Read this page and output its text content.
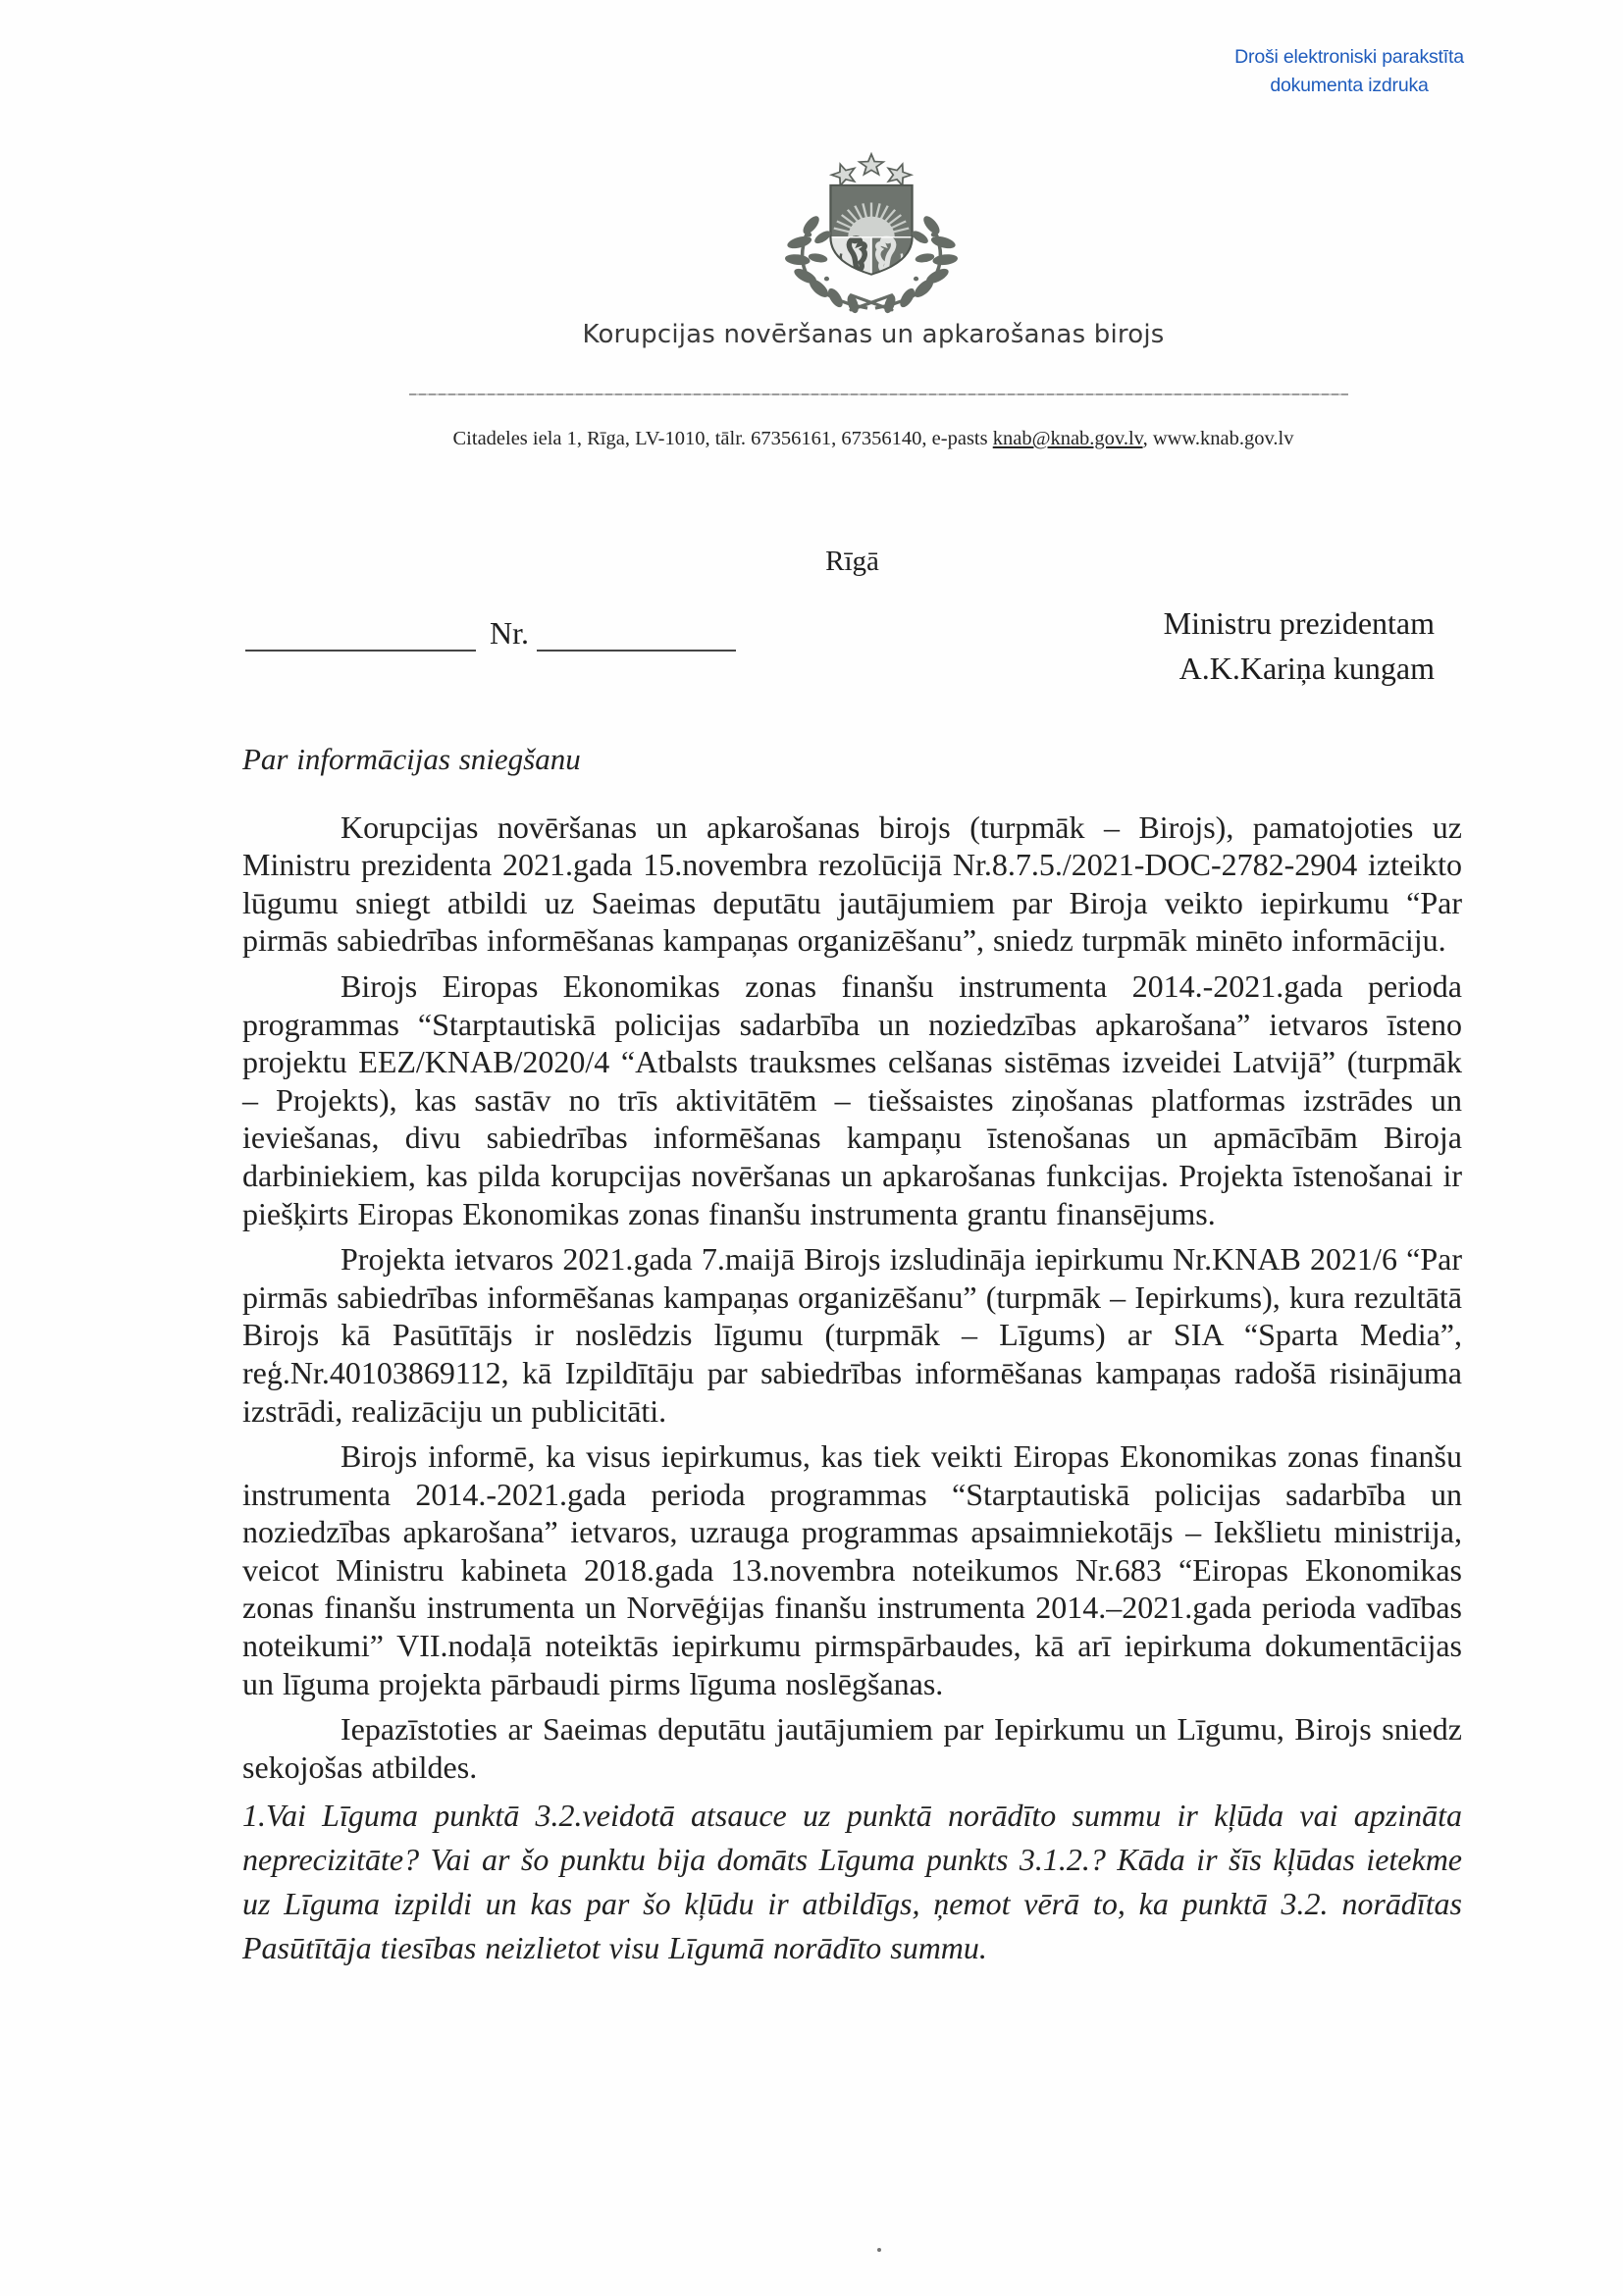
Droši elektroniski parakstīta
dokumenta izdruka
Korupcijas novēršanas un apkarošanas birojs
Citadeles iela 1, Rīga, LV-1010, tālr. 67356161, 67356140, e-pasts knab@knab.gov.lv, www.knab.gov.lv
Rīgā
Nr.	Ministru prezidentam
A.K.Kariņa kungam

Par informācijas sniegšanu

Korupcijas novēršanas un apkarošanas birojs (turpmāk – Birojs), pamatojoties uz Ministru prezidenta 2021.gada 15.novembra rezolūcijā Nr.8.7.5./2021-DOC-2782-2904 izteikto lūgumu sniegt atbildi uz Saeimas deputātu jautājumiem par Biroja veikto iepirkumu “Par pirmās sabiedrības informēšanas kampaņas organizēšanu”, sniedz turpmāk minēto informāciju.

Birojs Eiropas Ekonomikas zonas finanšu instrumenta 2014.-2021.gada perioda programmas “Starptautiskā policijas sadarbība un noziedzības apkarošana” ietvaros īsteno projektu EEZ/KNAB/2020/4 “Atbalsts trauksmes celšanas sistēmas izveidei Latvijā” (turpmāk – Projekts), kas sastāv no trīs aktivitātēm – tiešsaistes ziņošanas platformas izstrādes un ieviešanas, divu sabiedrības informēšanas kampaņu īstenošanas un apmācībām Biroja darbiniekiem, kas pilda korupcijas novēršanas un apkarošanas funkcijas. Projekta īstenošanai ir piešķirts Eiropas Ekonomikas zonas finanšu instrumenta grantu finansējums.

Projekta ietvaros 2021.gada 7.maijā Birojs izsludināja iepirkumu Nr.KNAB 2021/6 “Par pirmās sabiedrības informēšanas kampaņas organizēšanu” (turpmāk – Iepirkums), kura rezultātā Birojs kā Pasūtītājs ir noslēdzis līgumu (turpmāk – Līgums) ar SIA “Sparta Media”, reģ.Nr.40103869112, kā Izpildītāju par sabiedrības informēšanas kampaņas radošā risinājuma izstrādi, realizāciju un publicitāti.

Birojs informē, ka visus iepirkumus, kas tiek veikti Eiropas Ekonomikas zonas finanšu instrumenta 2014.-2021.gada perioda programmas “Starptautiskā policijas sadarbība un noziedzības apkarošana” ietvaros, uzrauga programmas apsaimniekotājs – Iekšlietu ministrija, veicot Ministru kabineta 2018.gada 13.novembra noteikumos Nr.683 “Eiropas Ekonomikas zonas finanšu instrumenta un Norvēģijas finanšu instrumenta 2014.–2021.gada perioda vadības noteikumi” VII.nodaļā noteiktās iepirkumu pirmspārbaudes, kā arī iepirkuma dokumentācijas un līguma projekta pārbaudi pirms līguma noslēgšanas.

Iepazīstoties ar Saeimas deputātu jautājumiem par Iepirkumu un Līgumu, Birojs sniedz sekojošas atbildes.

1.Vai Līguma punktā 3.2.veidotā atsauce uz punktā norādīto summu ir kļūda vai apzināta neprecizitāte? Vai ar šo punktu bija domāts Līguma punkts 3.1.2.? Kāda ir šīs kļūdas ietekme uz Līguma izpildi un kas par šo kļūdu ir atbildīgs, ņemot vērā to, ka punktā 3.2. norādītas Pasūtītāja tiesības neizlietot visu Līgumā norādīto summu.
